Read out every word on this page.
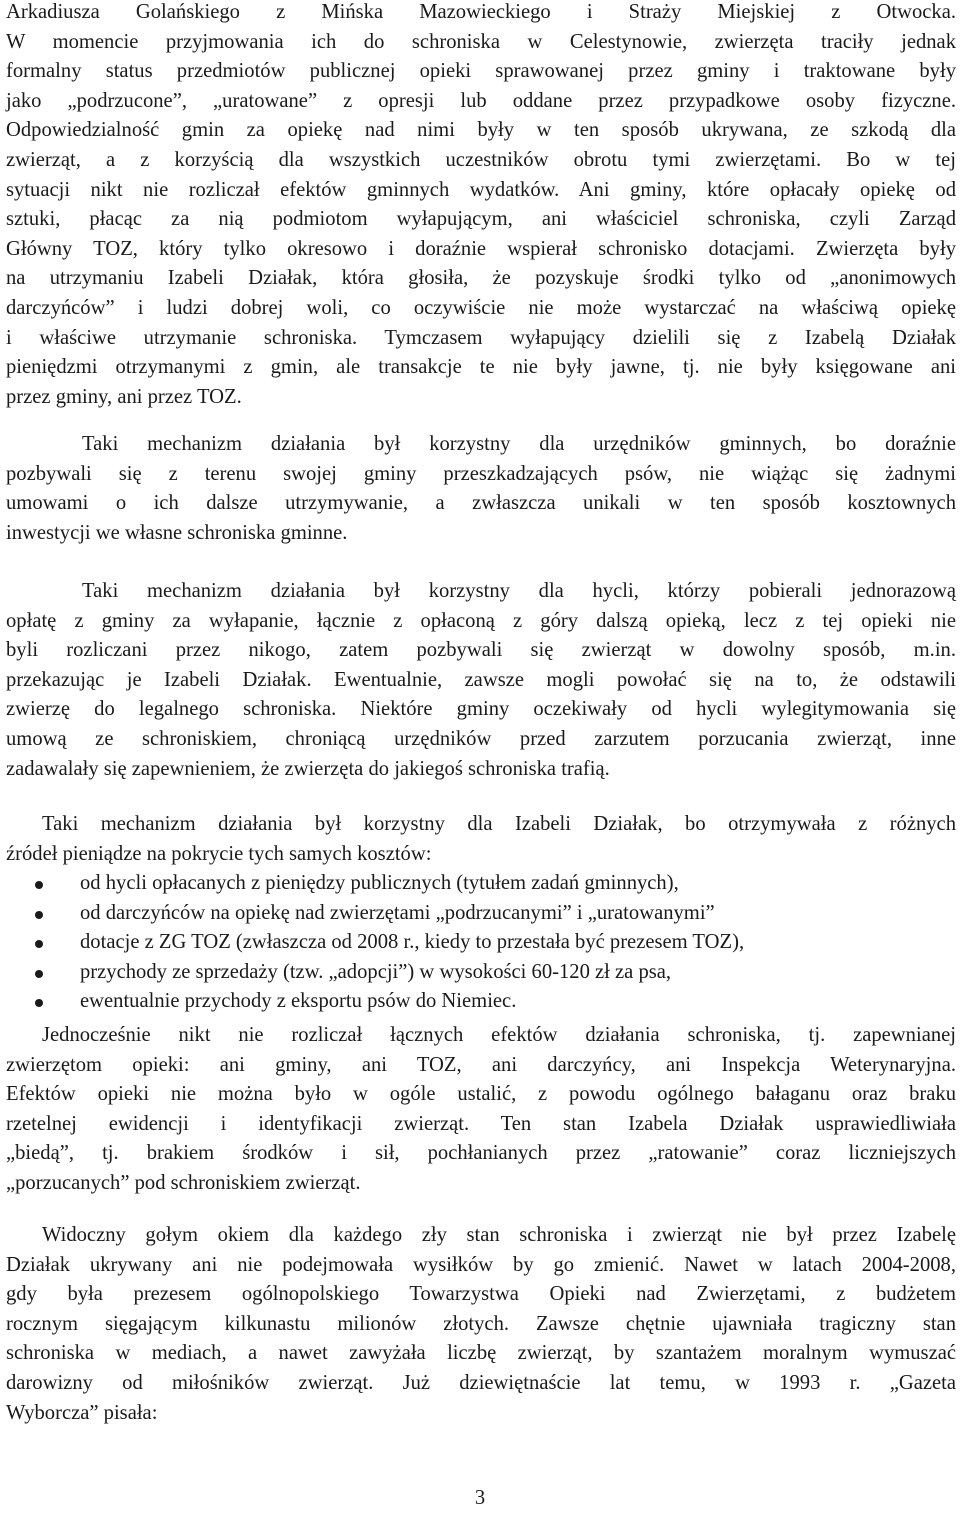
Arkadiusza Golańskiego z Mińska Mazowieckiego i Straży Miejskiej z Otwocka.
W momencie przyjmowania ich do schroniska w Celestynowie, zwierzęta traciły jednak
formalny status przedmiotów publicznej opieki sprawowanej przez gminy i traktowane były
jako „podrzucone”, „uratowane” z opresji lub oddane przez przypadkowe osoby fizyczne.
Odpowiedzialność gmin za opiekę nad nimi były w ten sposób ukrywana, ze szkodą dla
zwierząt, a z korzyścią dla wszystkich uczestników obrotu tymi zwierzętami. Bo w tej
sytuacji nikt nie rozliczał efektów gminnych wydatków. Ani gminy, które opłacały opiekę od
sztuki, płacąc za nią podmiotom wyłapującym, ani właściciel schroniska, czyli Zarząd
Główny TOZ, który tylko okresowo i doraźnie wspierał schronisko dotacjami. Zwierzęta były
na utrzymaniu Izabeli Działak, która głosiła, że pozyskuje środki tylko od „anonimowych
darczyńców” i ludzi dobrej woli, co oczywiście nie może wystarczać na właściwą opiekę
i właściwe utrzymanie schroniska. Tymczasem wyłapujący dzielili się z Izabelą Działak
pieniędzmi otrzymanymi z gmin, ale transakcje te nie były jawne, tj. nie były księgowane ani
przez gminy, ani przez TOZ.
Taki mechanizm działania był korzystny dla urzędników gminnych, bo doraźnie
pozbywali się z terenu swojej gminy przeszkadzających psów, nie wiążąc się żadnymi
umowami o ich dalsze utrzymywanie, a zwłaszcza unikali w ten sposób kosztownych
inwestycji we własne schroniska gminne.
Taki mechanizm działania był korzystny dla hycli, którzy pobierali jednorazową
opłatę z gminy za wyłapanie, łącznie z opłaconą z góry dalszą opieką, lecz z tej opieki nie
byli rozliczani przez nikogo, zatem pozbywali się zwierząt w dowolny sposób, m.in.
przekazując je Izabeli Działak. Ewentualnie, zawsze mogli powołać się na to, że odstawili
zwierzę do legalnego schroniska. Niektóre gminy oczekiwały od hycli wylegitymowania się
umową ze schroniskiem, chroniącą urzędników przed zarzutem porzucania zwierząt, inne
zadawalały się zapewnieniem, że zwierzęta do jakiegoś schroniska trafią.
Taki mechanizm działania był korzystny dla Izabeli Działak, bo otrzymywała z różnych
źródeł pieniądze na pokrycie tych samych kosztów:
od hycli opłacanych z pieniędzy publicznych (tytułem zadań gminnych),
od darczyńców na opiekę nad zwierzętami „podrzucanymi” i „uratowanymi”
dotacje z ZG TOZ (zwłaszcza od 2008 r., kiedy to przestała być prezesem TOZ),
przychody ze sprzedaży (tzw. „adopcji”) w wysokości 60-120 zł za psa,
ewentualnie przychody z eksportu psów do Niemiec.
Jednocześnie nikt nie rozliczał łącznych efektów działania schroniska, tj. zapewnianej
zwierzętom opieki: ani gminy, ani TOZ, ani darczyńcy, ani Inspekcja Weterynaryjna.
Efektów opieki nie można było w ogóle ustalić, z powodu ogólnego bałaganu oraz braku
rzetelnej ewidencji i identyfikacji zwierząt. Ten stan Izabela Działak usprawiedliwiała
„biedą”, tj. brakiem środków i sił, pochłanianych przez „ratowanie” coraz liczniejszych
„porzucanych” pod schroniskiem zwierząt.
Widoczny gołym okiem dla każdego zły stan schroniska i zwierząt nie był przez Izabelę
Działak ukrywany ani nie podejmowała wysiłków by go zmienić. Nawet w latach 2004-2008,
gdy była prezesem ogólnopolskiego Towarzystwa Opieki nad Zwierzętami, z budżetem
rocznym sięgającym kilkunastu milionów złotych. Zawsze chętnie ujawniała tragiczny stan
schroniska w mediach, a nawet zawyżała liczbę zwierząt, by szantażem moralnym wymuszać
darowizny od miłośników zwierząt. Już dziewiętnaście lat temu, w 1993 r. „Gazeta
Wyborcza” pisała:
3
